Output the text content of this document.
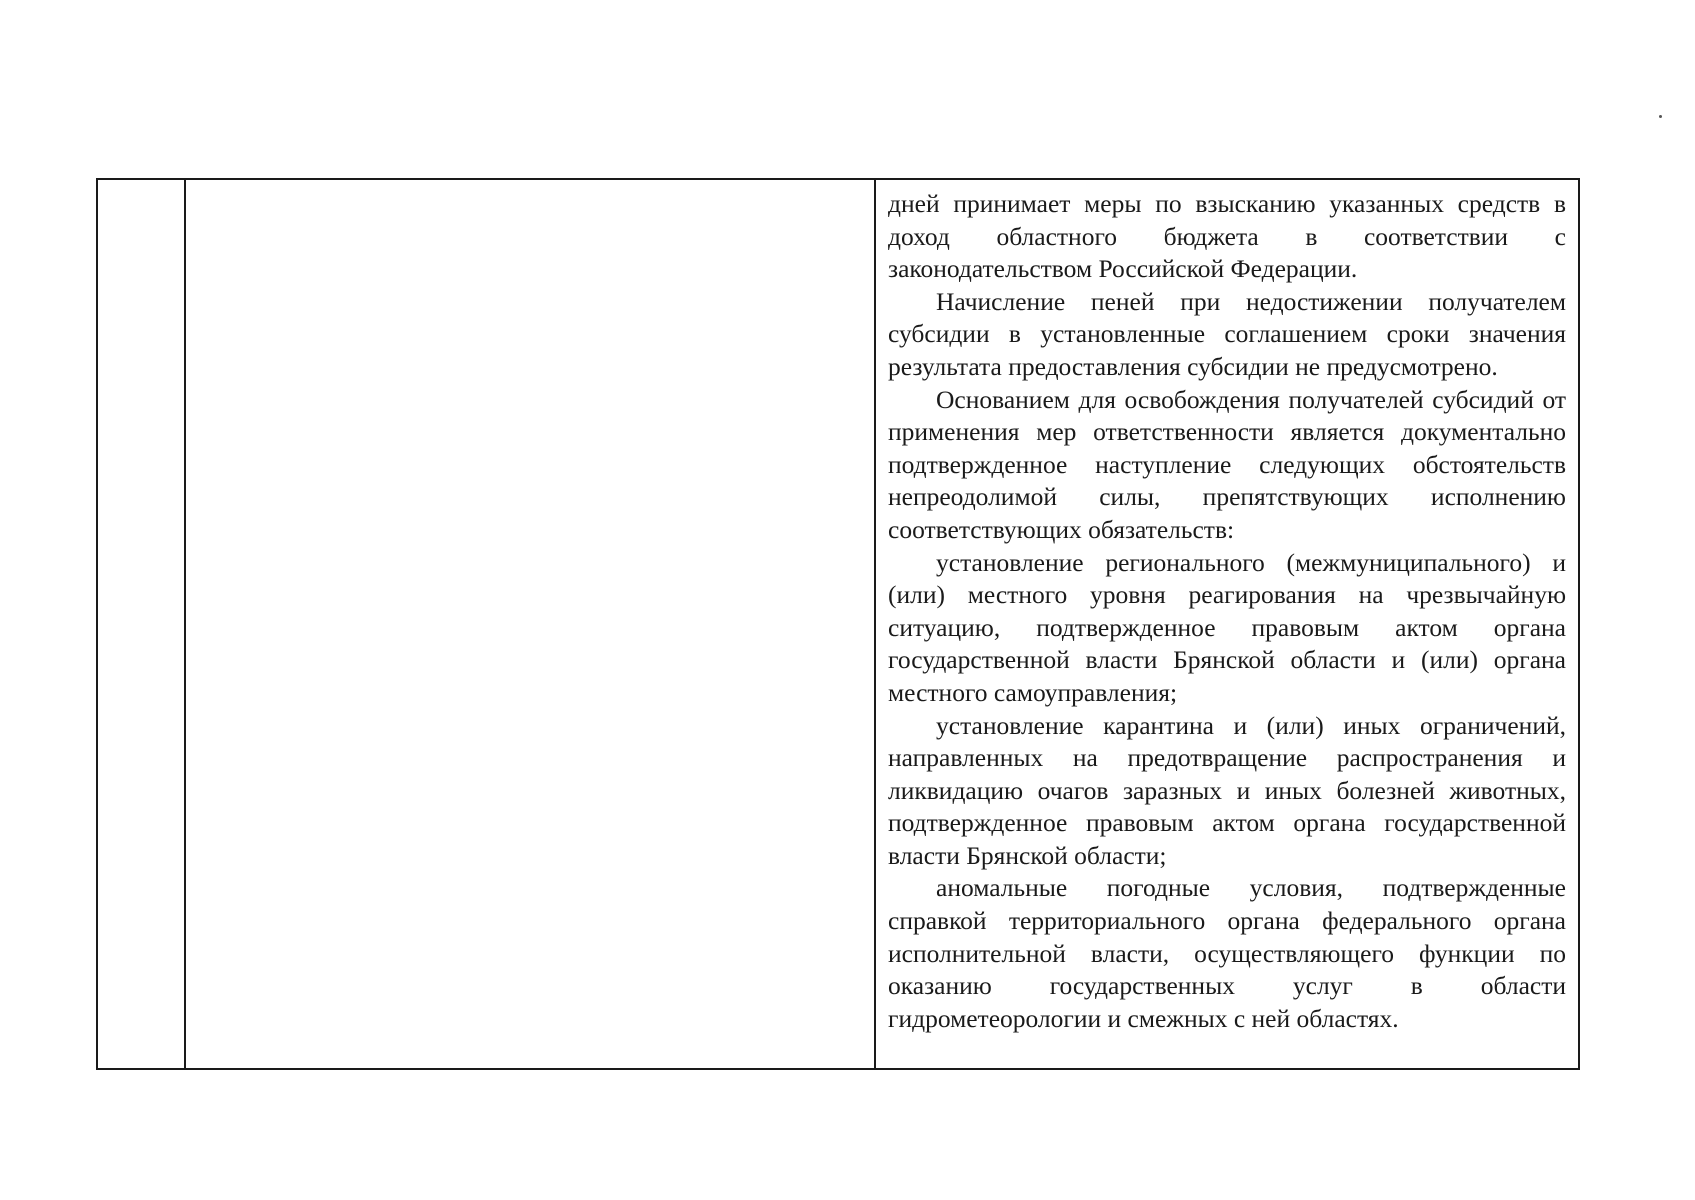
дней принимает меры по взысканию указанных средств в доход областного бюджета в соответствии с законодательством Российской Федерации.

Начисление пеней при недостижении получателем субсидии в установленные соглашением сроки значения результата предоставления субсидии не предусмотрено.

Основанием для освобождения получателей субсидий от применения мер ответственности является документально подтвержденное наступление следующих обстоятельств непреодолимой силы, препятствующих исполнению соответствующих обязательств:

установление регионального (межмуниципального) и (или) местного уровня реагирования на чрезвычайную ситуацию, подтвержденное правовым актом органа государственной власти Брянской области и (или) органа местного самоуправления;

установление карантина и (или) иных ограничений, направленных на предотвращение распространения и ликвидацию очагов заразных и иных болезней животных, подтвержденное правовым актом органа государственной власти Брянской области;

аномальные погодные условия, подтвержденные справкой территориального органа федерального органа исполнительной власти, осуществляющего функции по оказанию государственных услуг в области гидрометеорологии и смежных с ней областях.
